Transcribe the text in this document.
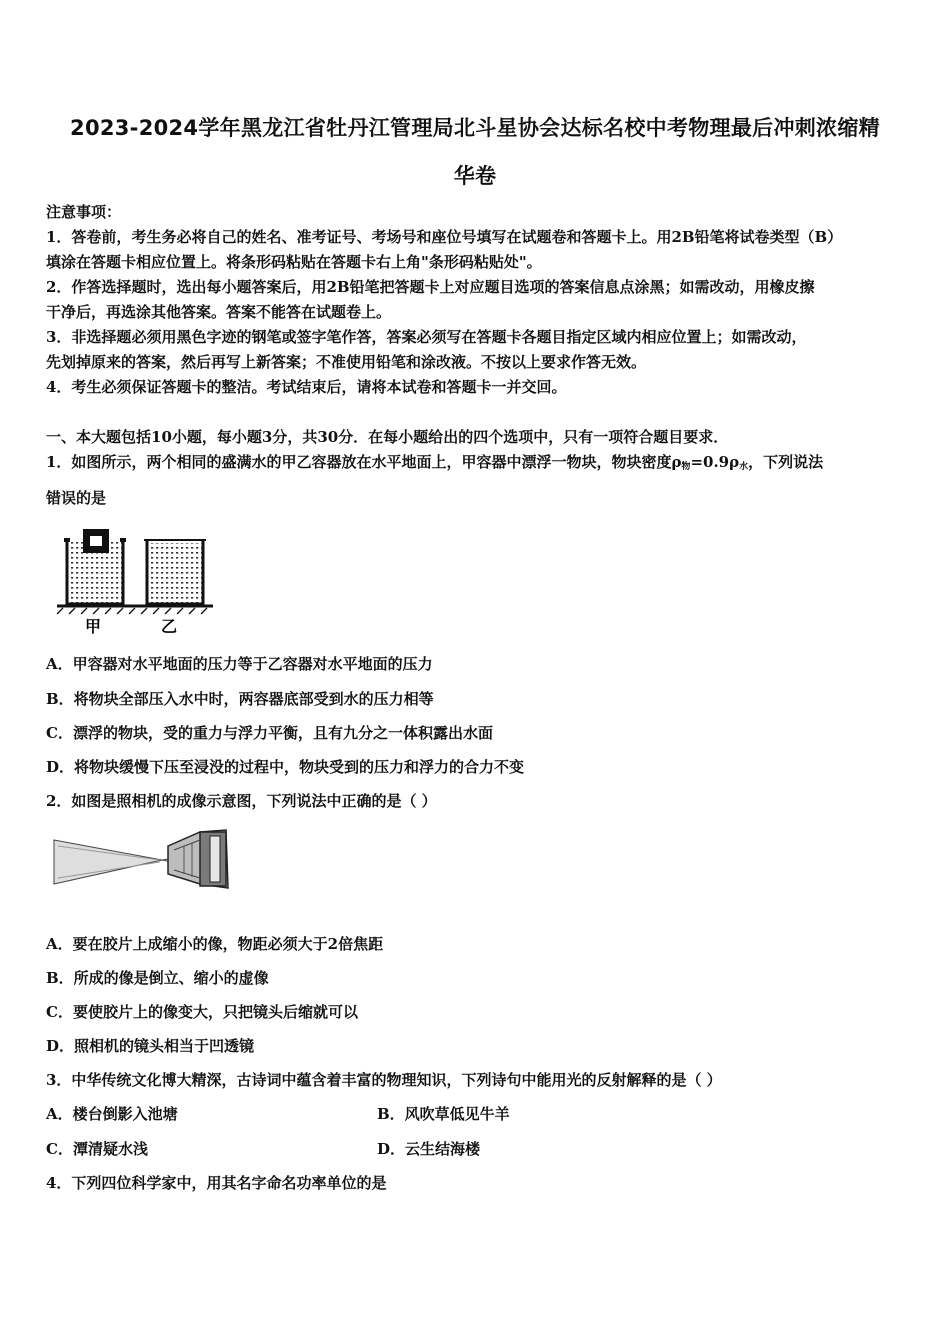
2023-2024学年黑龙江省牡丹江管理局北斗星协会达标名校中考物理最后冲刺浓缩精
华卷
注意事项：
1．答卷前，考生务必将自己的姓名、准考证号、考场号和座位号填写在试题卷和答题卡上。用2B铅笔将试卷类型（B）
填涂在答题卡相应位置上。将条形码粘贴在答题卡右上角"条形码粘贴处"。
2．作答选择题时，选出每小题答案后，用2B铅笔把答题卡上对应题目选项的答案信息点涂黑；如需改动，用橡皮擦
干净后，再选涂其他答案。答案不能答在试题卷上。
3．非选择题必须用黑色字迹的钢笔或签字笔作答，答案必须写在答题卡各题目指定区域内相应位置上；如需改动，
先划掉原来的答案，然后再写上新答案；不准使用铅笔和涂改液。不按以上要求作答无效。
4．考生必须保证答题卡的整洁。考试结束后，请将本试卷和答题卡一并交回。
一、本大题包括10小题，每小题3分，共30分．在每小题给出的四个选项中，只有一项符合题目要求．
1．如图所示，两个相同的盛满水的甲乙容器放在水平地面上，甲容器中漂浮一物块，物块密度$\rho_物=0.9\rho_水$，下列说法
错误的是
甲	乙
A．甲容器对水平地面的压力等于乙容器对水平地面的压力
B．将物块全部压入水中时，两容器底部受到水的压力相等
C．漂浮的物块，受的重力与浮力平衡，且有九分之一体积露出水面
D．将物块缓慢下压至浸没的过程中，物块受到的压力和浮力的合力不变
2．如图是照相机的成像示意图，下列说法中正确的是（ ）
A．要在胶片上成缩小的像，物距必须大于2倍焦距
B．所成的像是倒立、缩小的虚像
C．要使胶片上的像变大，只把镜头后缩就可以
D．照相机的镜头相当于凹透镜
3．中华传统文化博大精深，古诗词中蕴含着丰富的物理知识，下列诗句中能用光的反射解释的是（ ）
A．楼台倒影入池塘	B．风吹草低见牛羊
C．潭清疑水浅	D．云生结海楼
4．下列四位科学家中，用其名字命名功率单位的是
